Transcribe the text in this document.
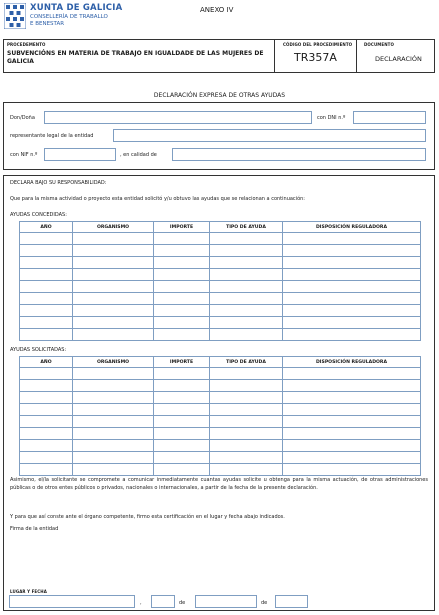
XUNTA DE GALICIA
CONSELLERÍA DE TRABALLO
E BENESTAR
ANEXO IV
PROCEDEMENTO
SUBVENCIÓNS EN MATERIA DE TRABAJO EN IGUALDADE DE LAS MUJERES DE GALICIA
CÓDIGO DEL PROCEDIMIENTO
TR357A
DOCUMENTO
DECLARACIÓN
DECLARACIÓN EXPRESA DE OTRAS AYUDAS
Don/Doña	con DNI n.º
representante legal de la entidad
con NIF n.º	, en calidad de
DECLARA BAJO SU RESPONSABILIDAD:
Que para la misma actividad o proyecto esta entidad solicitó y/u obtuvo las ayudas que se relacionan a continuación:
AYUDAS CONCEDIDAS:
AÑO	ORGANISMO	IMPORTE	TIPO DE AYUDA	DISPOSICIÓN REGULADORA

AYUDAS SOLICITADAS:
AÑO	ORGANISMO	IMPORTE	TIPO DE AYUDA	DISPOSICIÓN REGULADORA

Asimismo, el/la solicitante se compromete a comunicar inmediatamente cuantas ayudas solicite u obtenga para la misma actuación, de otras administraciones públicas o de otros entes públicos o privados, nacionales o internacionales, a partir de la fecha de la presente declaración.
Y para que así conste ante el órgano competente, firmo esta certificación en el lugar y fecha abajo indicados.
Firma de la entidad
LUGAR Y FECHA
,	de	de
